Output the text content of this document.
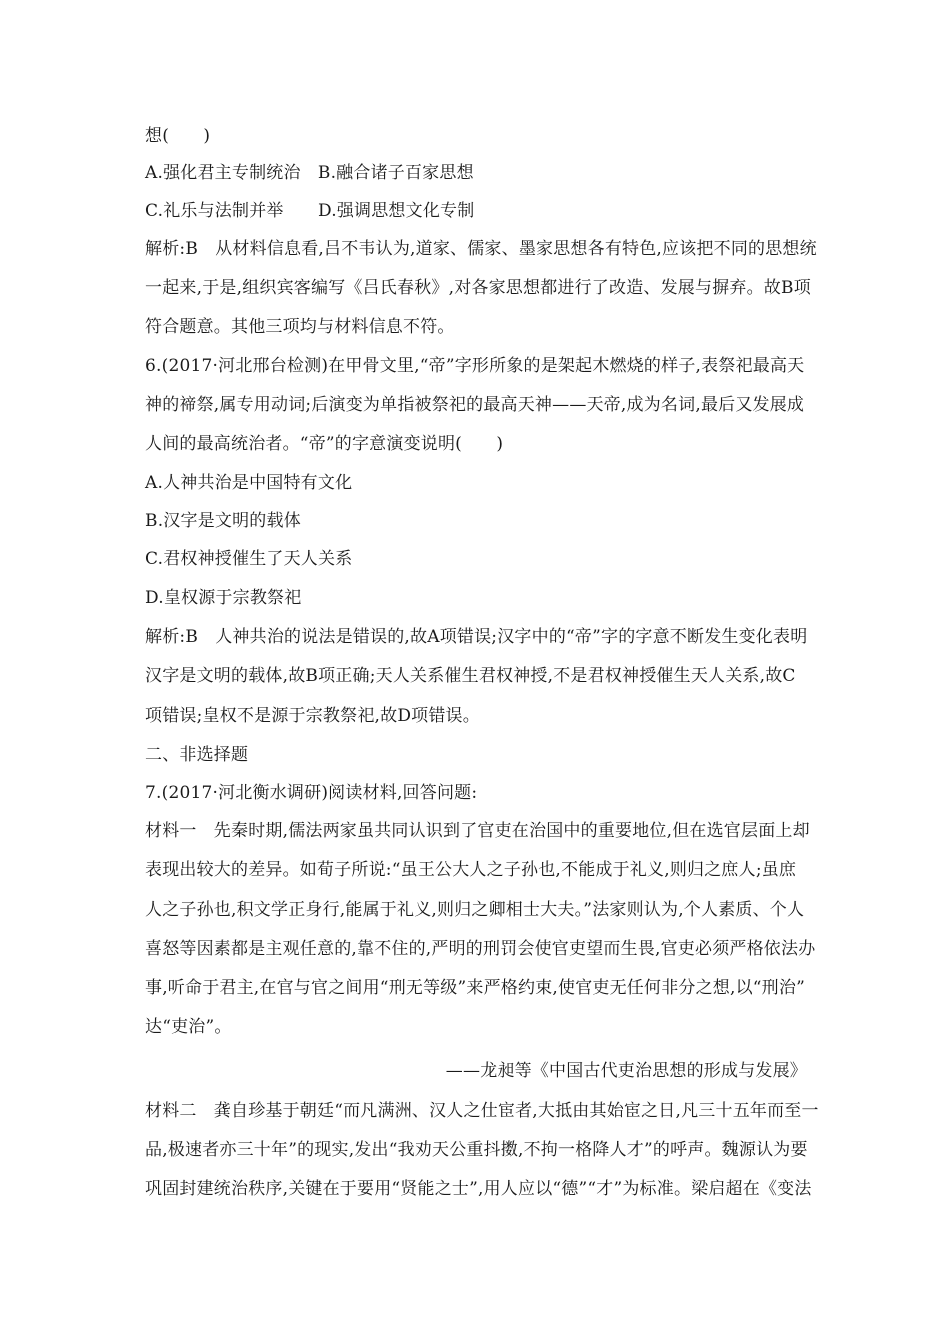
想(　　)
A.强化君主专制统治　B.融合诸子百家思想
C.礼乐与法制并举　　D.强调思想文化专制
解析:B　从材料信息看,吕不韦认为,道家、儒家、墨家思想各有特色,应该把不同的思想统
一起来,于是,组织宾客编写《吕氏春秋》,对各家思想都进行了改造、发展与摒弃。故B项
符合题意。其他三项均与材料信息不符。
6.(2017·河北邢台检测)在甲骨文里,“帝”字形所象的是架起木燃烧的样子,表祭祀最高天
神的禘祭,属专用动词;后演变为单指被祭祀的最高天神——天帝,成为名词,最后又发展成
人间的最高统治者。“帝”的字意演变说明(　　)
A.人神共治是中国特有文化
B.汉字是文明的载体
C.君权神授催生了天人关系
D.皇权源于宗教祭祀
解析:B　人神共治的说法是错误的,故A项错误;汉字中的“帝”字的字意不断发生变化表明
汉字是文明的载体,故B项正确;天人关系催生君权神授,不是君权神授催生天人关系,故C
项错误;皇权不是源于宗教祭祀,故D项错误。
二、非选择题
7.(2017·河北衡水调研)阅读材料,回答问题:
材料一　先秦时期,儒法两家虽共同认识到了官吏在治国中的重要地位,但在选官层面上却
表现出较大的差异。如荀子所说:“虽王公大人之子孙也,不能成于礼义,则归之庶人;虽庶
人之子孙也,积文学正身行,能属于礼义,则归之卿相士大夫。”法家则认为,个人素质、个人
喜怒等因素都是主观任意的,靠不住的,严明的刑罚会使官吏望而生畏,官吏必须严格依法办
事,听命于君主,在官与官之间用“刑无等级”来严格约束,使官吏无任何非分之想,以“刑治”
达“吏治”。
——龙昶等《中国古代吏治思想的形成与发展》
材料二　龚自珍基于朝廷“而凡满洲、汉人之仕宦者,大抵由其始宦之日,凡三十五年而至一
品,极速者亦三十年”的现实,发出“我劝天公重抖擞,不拘一格降人才”的呼声。魏源认为要
巩固封建统治秩序,关键在于要用“贤能之士”,用人应以“德”“才”为标准。梁启超在《变法
